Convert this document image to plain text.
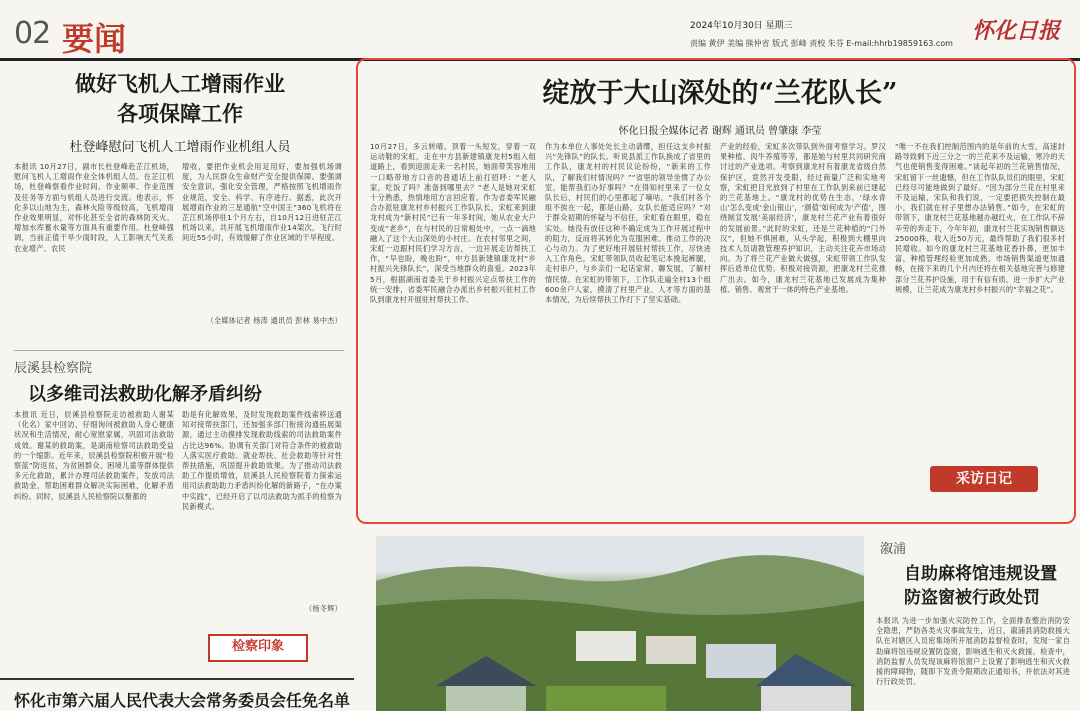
02 要闻	2024年10月30日 星期三
责编 黄伊 美编 熊仲省 版式 彭峰 责校 朱芬 E-mail:hhrb19859163.com 怀化日报
做好飞机人工增雨作业
各项保障工作
杜登峰慰问飞机人工增雨作业机组人员
本报讯 10月27日，副市长杜登峰赴芷江机场，慰问飞机人工增雨作业全体机组人员。在芷江机场，杜登峰察看作业时间、作业频率、作业范围及任务等方面与机组人员进行交流。他表示，怀化多以山地为主，森林火险等级较高，飞机增雨作业效果明显，对怀化甚至全省的森林防灭火、增加水库蓄水量等方面具有重要作用。杜登峰强调，当前正值干旱少雨时段，人工影响天气关系农业增产、农民
增收，要把作业机会用足用好，要加强机场调度，为人民群众生命财产安全提供保障。要强调安全意识，强化安全管理，严格按照飞机增雨作业规范，安全、科学、有序进行。据悉，此次开展增雨作业的三星通航“空中国王”360飞机将在芷江机场停驻1个月左右，自10月12日进驻芷江机场以来，共开展飞机增雨作业14架次，飞行时间近55小时，有效缓解了作业区域的干旱程度。
（全媒体记者 杨涛 通讯员 彭林 易中杰）
辰溪县检察院
以多维司法救助化解矛盾纠纷
本报讯 近日，辰溪县检察院走访被救助人谢某（化名）家中回访，仔细询问被救助人身心健康状况和生活情况，耐心宽慰家属，巩固司法救助成效。谢某的救助案，是湖南检察司法救助受益的一个缩影。近年来，辰溪县检察院积极开展“检察蓝”防返贫，为贫困群众、困境儿童等群体提供多元化救助，累计办理司法救助案件，发放司法救助金，帮助困难群众解决实际困难，化解矛盾纠纷。同时，辰溪县人民检察院以聚都的
助是有化解效果，及时发现救助案件线索移送通知对接帮扶部门，还加强多部门衔接沟通拓展渠源，通过主动摸排发现救助线索的司法救助案件占比达96%。协调有关部门对符合条件的被救助人落实医疗救助、就业帮扶、社会救助等针对性帮扶措施，巩固提升救助效果。为了推动司法救助工作提质增效，辰溪县人民检察院着力探索运用司法救助助力矛盾纠纷化解的新路子，“在办案中实践”，已经开启了以司法救助为抓手的检察为民新模式。
（杨冬辉）
检察印象
怀化市第六届人民代表大会常务委员会任免名单
绽放于大山深处的“兰花队长”
怀化日报全媒体记者 谢辉 通讯员 曾肇康 李莹
10月27日，多云转晴。顶着一头短发，穿着一双运动鞋的宋虹，走在中方县新建镇康龙村5组入组道路上，看到迎面走来一名村民，她面带笑容地用一口略带地方口音的普通话上前打招呼：“老人家，吃饭了吗？准备到哪里去？”老人是她对宋虹十分熟悉，热情地用方言回应着。作为省委军民融合办派驻康龙村乡村振兴工作队队长，宋虹来到康龙村成为“新村民”已有一年多时间，她从农业大户变成“老乡”，在与村民的日常相处中，一点一滴地融入了这个大山深处的小村庄。在农村邻里之间，宋虹一边跟村民们学习方言，一边开展走访帮扶工作，“早也盼，晚也盼”，中方县新建镇康龙村“乡村振兴先锋队长”，深受当地群众的喜爱。2023年5月，根据湖南省委关于乡村振兴定点帮扶工作的统一安排，省委军民融合办派出乡村振兴驻村工作队到康龙村开展驻村帮扶工作。
作为本单位人事处处长主动请缨，担任这支乡村振兴“先锋队”的队长。听说县派工作队换成了省里的工作队，康龙村的村民议论纷纷，“新来的工作队，了解我们村情况吗？”“省里的领导坐惯了办公室，能帮我们办好事吗？”在得知村里来了一位女队长后，村民们的心里都起了嘀咕，“我们村各个组不挨在一起，都是山路，女队长能适应吗？”对于群众初期的怀疑与不信任，宋虹看在眼里，稳在实处。她没有放任这种不确定成为工作开展过程中的阻力，反而将其转化为克服困难、推动工作的决心与动力。为了更好地开展驻村帮扶工作，尽快进入工作角色，宋虹带领队员收起笔记本挽起裤腿，走村串户，与乡亲们一起话家常、聊发展，了解村情民情。在宋虹的带领下，工作队走遍全村13个组600余户人家，摸清了村里产业、人才等方面的基本情况，为后续帮扶工作打下了坚实基础。
产业的经验，宋虹多次带队到外面考察学习。罗汉果种植、肉牛养殖等等，都是她与村里共同研究商讨过的产业选项。考察到康龙村有着康龙省级自然保护区，竟然开发受限，经过商量广泛和实地考察，宋虹把目光放到了村里在工作队到来前已建起的兰花基地上。“康龙村的优势在生态，‘绿水青山’怎么变成‘金山银山’，‘颜值’如何成为‘产值’，围绕制宣发展‘美丽经济’，康龙村兰花产业有着很好的发展前景。”此时的宋虹，还是兰花种植的“门外汉”，但她不惧困难，从头学起，积极到大棚里向技术人员请教管理养护知识，主动关注花卉市场动向。为了将兰花产业做大做强，宋虹带领工作队发挥后盾单位优势，积极对接资源，把康龙村兰花推广出去。如今，康龙村兰花基地已发展成为集种植、销售、观赏于一体的特色产业基地。
“唯一不在我们控制范围内的是年前的大雪，高速封路导致剩下近三分之一的兰花来不及运输，寒冷的天气也使销售变得困难。”谈起年初的兰花销售情况，宋虹留下一丝遗憾，但在工作队队员们的眼里，宋虹已经尽可能地做到了最好。“因为部分兰花在村里来不及运输，宋队和我们说，一定要把损失控制在最小，我们就在村子里想办法销售。”如今，在宋虹的带领下，康龙村兰花基地越办越红火，在工作队不辞辛劳的奔走下，今年年初，康龙村兰花实现销售额达25000株，收入近50万元，最终帮助了我们很多村民增收。如今的康龙村兰花基地花香扑鼻，更加丰富，种植管理经验更加成熟，市场销售渠道更加通畅，在接下来的几个月内还将在相关基地完善与修建部分兰花养护设施，用于有信有质，进一步扩大产业规模，让兰花成为康龙村乡村振兴的“幸福之花”。
采访日记
溆浦
自助麻将馆违规设置
防盗窗被行政处罚
本报讯 为进一步加强火灾防控工作，全面排查整治消防安全隐患，严防各类火灾事故发生，近日，溆浦县消防救援大队在对辖区人员密集场所开展消防监督检查时，发现一家自助麻将馆违规设置防盗窗，影响逃生和灭火救援，检查中，消防监督人员发现该麻将馆窗户上设置了影响逃生和灭火救援的障碍物，随即下发责令限期改正通知书，并依法对其进行行政处罚。
